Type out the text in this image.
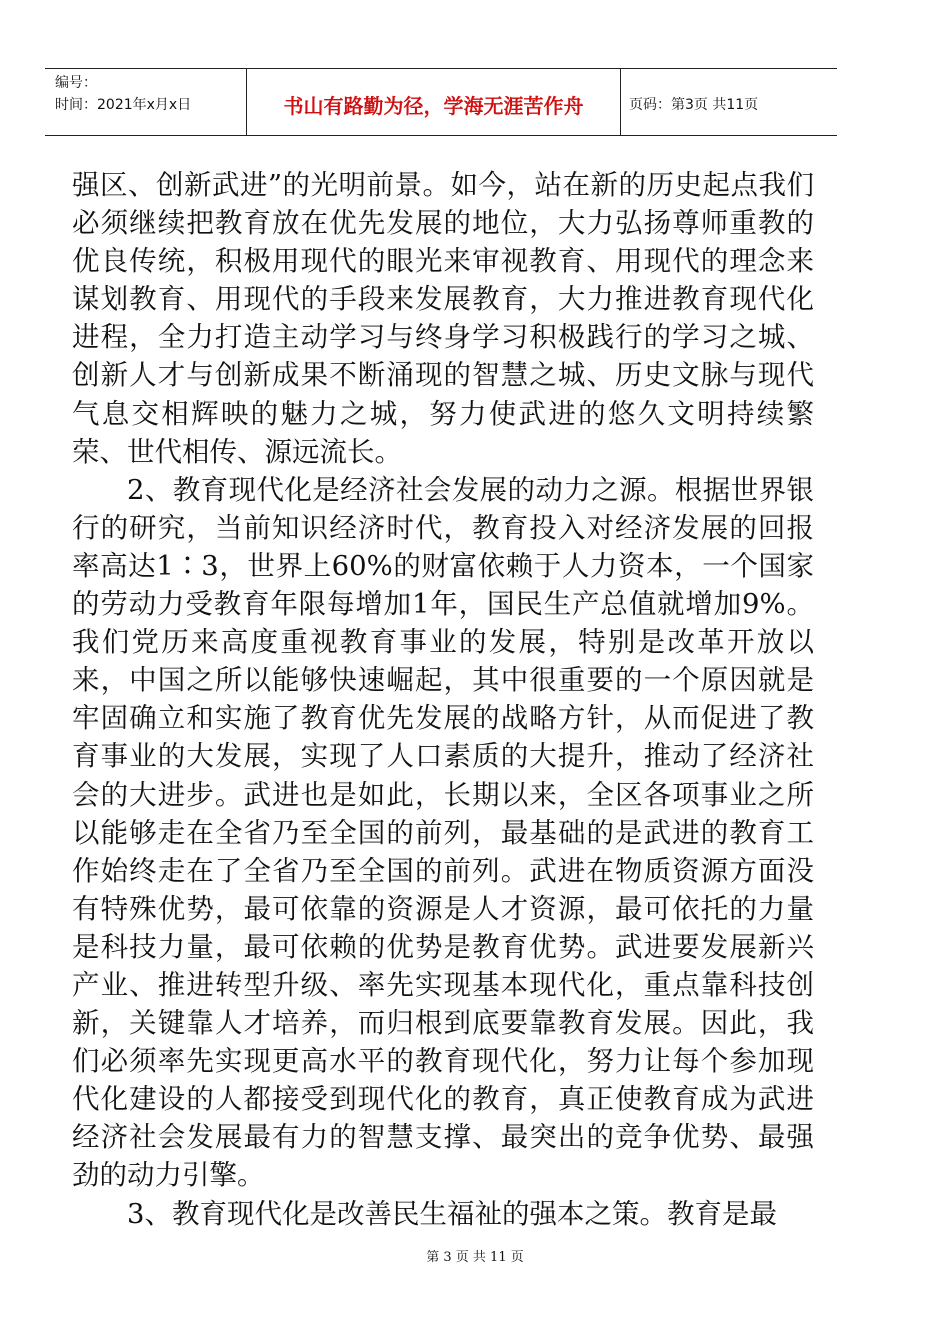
编号：
时间：2021年x月x日	书山有路勤为径，学海无涯苦作舟	页码：第3页 共11页

强区、创新武进”的光明前景。如今，站在新的历史起点我们必须继续把教育放在优先发展的地位，大力弘扬尊师重教的优良传统，积极用现代的眼光来审视教育、用现代的理念来谋划教育、用现代的手段来发展教育，大力推进教育现代化进程，全力打造主动学习与终身学习积极践行的学习之城、创新人才与创新成果不断涌现的智慧之城、历史文脉与现代气息交相辉映的魅力之城，努力使武进的悠久文明持续繁荣、世代相传、源远流长。

2、教育现代化是经济社会发展的动力之源。根据世界银行的研究，当前知识经济时代，教育投入对经济发展的回报率高达1∶3，世界上60%的财富依赖于人力资本，一个国家的劳动力受教育年限每增加1年，国民生产总值就增加9%。我们党历来高度重视教育事业的发展，特别是改革开放以来，中国之所以能够快速崛起，其中很重要的一个原因就是牢固确立和实施了教育优先发展的战略方针，从而促进了教育事业的大发展，实现了人口素质的大提升，推动了经济社会的大进步。武进也是如此，长期以来，全区各项事业之所以能够走在全省乃至全国的前列，最基础的是武进的教育工作始终走在了全省乃至全国的前列。武进在物质资源方面没有特殊优势，最可依靠的资源是人才资源，最可依托的力量是科技力量，最可依赖的优势是教育优势。武进要发展新兴产业、推进转型升级、率先实现基本现代化，重点靠科技创新，关键靠人才培养，而归根到底要靠教育发展。因此，我们必须率先实现更高水平的教育现代化，努力让每个参加现代化建设的人都接受到现代化的教育，真正使教育成为武进经济社会发展最有力的智慧支撑、最突出的竞争优势、最强劲的动力引擎。

3、教育现代化是改善民生福祉的强本之策。教育是最

第 3 页 共 11 页
